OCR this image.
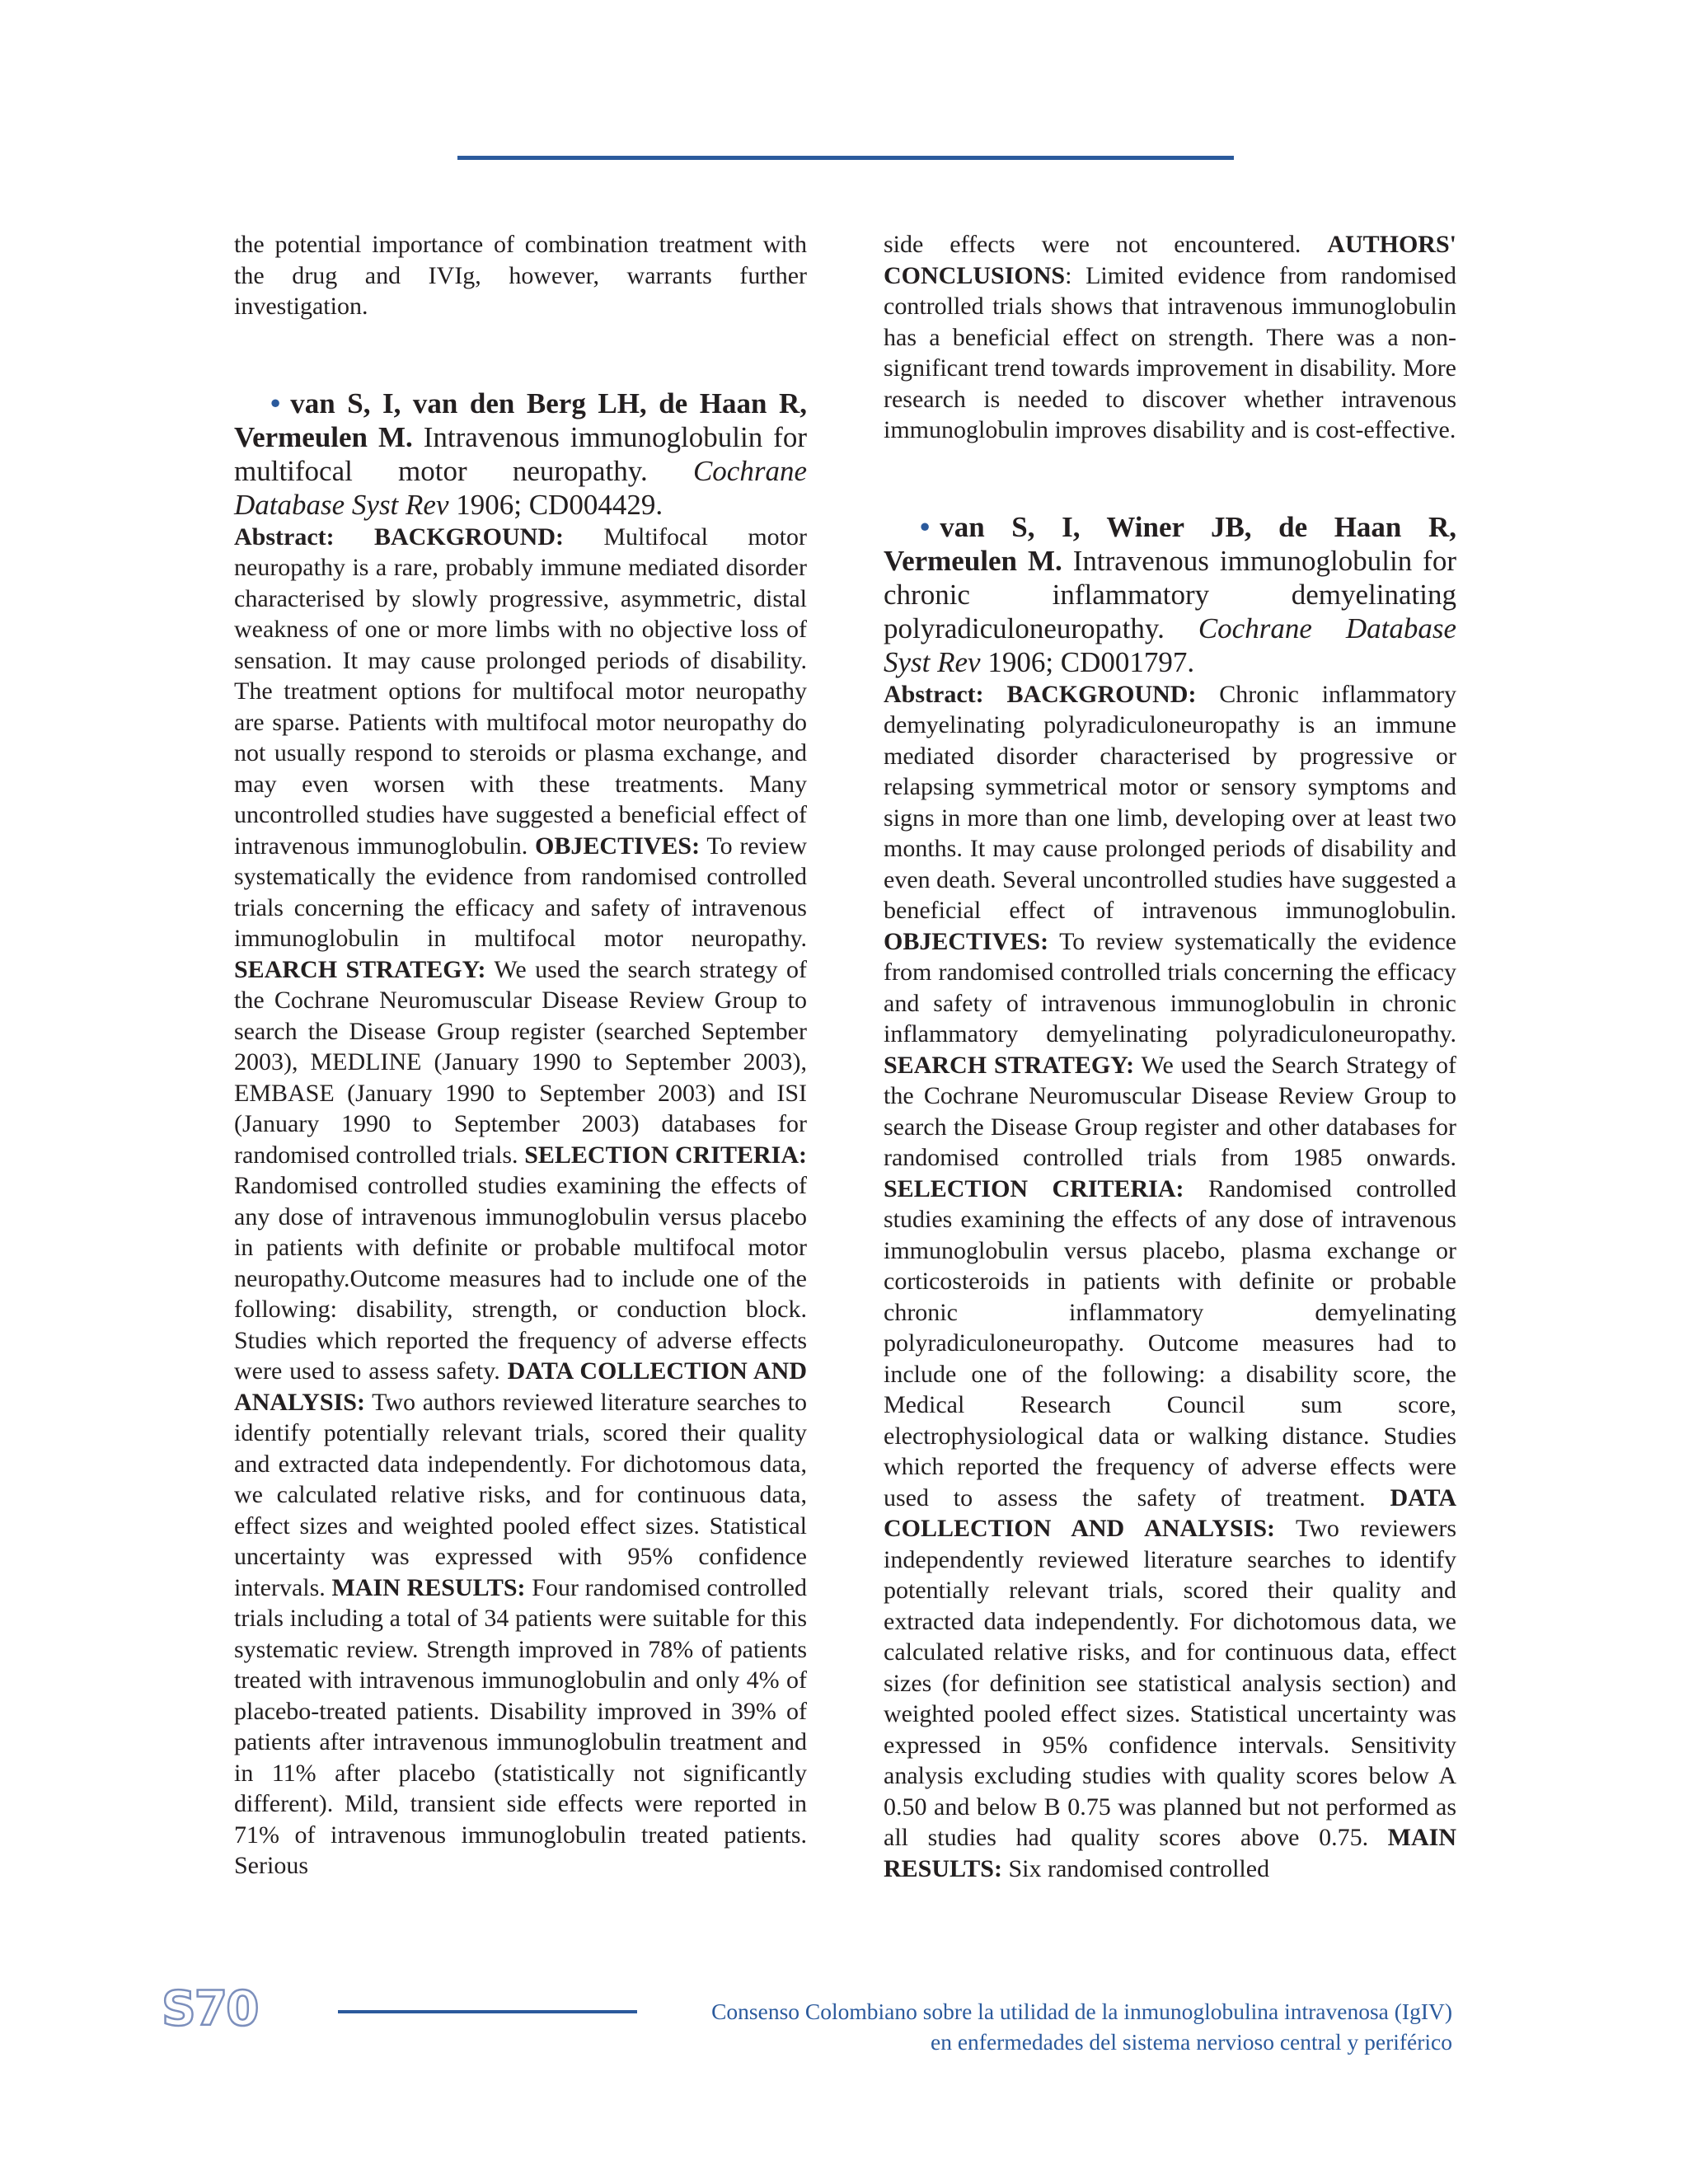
the potential importance of combination treatment with the drug and IVIg, however, warrants further investigation.

• van S, I, van den Berg LH, de Haan R, Vermeulen M. Intravenous immunoglobulin for multifocal motor neuropathy. Cochrane Database Syst Rev 1906; CD004429.

Abstract: BACKGROUND: Multifocal motor neuropathy is a rare, probably immune mediated disorder characterised by slowly progressive, asymmetric, distal weakness of one or more limbs with no objective loss of sensation. It may cause prolonged periods of disability. The treatment options for multifocal motor neuropathy are sparse. Patients with multifocal motor neuropathy do not usually respond to steroids or plasma exchange, and may even worsen with these treatments. Many uncontrolled studies have suggested a beneficial effect of intravenous immunoglobulin. OBJECTIVES: To review systematically the evidence from randomised controlled trials concerning the efficacy and safety of intravenous immunoglobulin in multifocal motor neuropathy. SEARCH STRATEGY: We used the search strategy of the Cochrane Neuromuscular Disease Review Group to search the Disease Group register (searched September 2003), MEDLINE (January 1990 to September 2003), EMBASE (January 1990 to September 2003) and ISI (January 1990 to September 2003) databases for randomised controlled trials. SELECTION CRITERIA: Randomised controlled studies examining the effects of any dose of intravenous immunoglobulin versus placebo in patients with definite or probable multifocal motor neuropathy.Outcome measures had to include one of the following: disability, strength, or conduction block. Studies which reported the frequency of adverse effects were used to assess safety. DATA COLLECTION AND ANALYSIS: Two authors reviewed literature searches to identify potentially relevant trials, scored their quality and extracted data independently. For dichotomous data, we calculated relative risks, and for continuous data, effect sizes and weighted pooled effect sizes. Statistical uncertainty was expressed with 95% confidence intervals. MAIN RESULTS: Four randomised controlled trials including a total of 34 patients were suitable for this systematic review. Strength improved in 78% of patients treated with intravenous immunoglobulin and only 4% of placebo-treated patients. Disability improved in 39% of patients after intravenous immunoglobulin treatment and in 11% after placebo (statistically not significantly different). Mild, transient side effects were reported in 71% of intravenous immunoglobulin treated patients. Serious

side effects were not encountered. AUTHORS' CONCLUSIONS: Limited evidence from randomised controlled trials shows that intravenous immunoglobulin has a beneficial effect on strength. There was a non-significant trend towards improvement in disability. More research is needed to discover whether intravenous immunoglobulin improves disability and is cost-effective.

• van S, I, Winer JB, de Haan R, Vermeulen M. Intravenous immunoglobulin for chronic inflammatory demyelinating polyradiculoneuropathy. Cochrane Database Syst Rev 1906; CD001797.

Abstract: BACKGROUND: Chronic inflammatory demyelinating polyradiculoneuropathy is an immune mediated disorder characterised by progressive or relapsing symmetrical motor or sensory symptoms and signs in more than one limb, developing over at least two months. It may cause prolonged periods of disability and even death. Several uncontrolled studies have suggested a beneficial effect of intravenous immunoglobulin. OBJECTIVES: To review systematically the evidence from randomised controlled trials concerning the efficacy and safety of intravenous immunoglobulin in chronic inflammatory demyelinating polyradiculoneuropathy. SEARCH STRATEGY: We used the Search Strategy of the Cochrane Neuromuscular Disease Review Group to search the Disease Group register and other databases for randomised controlled trials from 1985 onwards. SELECTION CRITERIA: Randomised controlled studies examining the effects of any dose of intravenous immunoglobulin versus placebo, plasma exchange or corticosteroids in patients with definite or probable chronic inflammatory demyelinating polyradiculoneuropathy. Outcome measures had to include one of the following: a disability score, the Medical Research Council sum score, electrophysiological data or walking distance. Studies which reported the frequency of adverse effects were used to assess the safety of treatment. DATA COLLECTION AND ANALYSIS: Two reviewers independently reviewed literature searches to identify potentially relevant trials, scored their quality and extracted data independently. For dichotomous data, we calculated relative risks, and for continuous data, effect sizes (for definition see statistical analysis section) and weighted pooled effect sizes. Statistical uncertainty was expressed in 95% confidence intervals. Sensitivity analysis excluding studies with quality scores below A 0.50 and below B 0.75 was planned but not performed as all studies had quality scores above 0.75. MAIN RESULTS: Six randomised controlled

S70	Consenso Colombiano sobre la utilidad de la inmunoglobulina intravenosa (IgIV)
en enfermedades del sistema nervioso central y periférico
